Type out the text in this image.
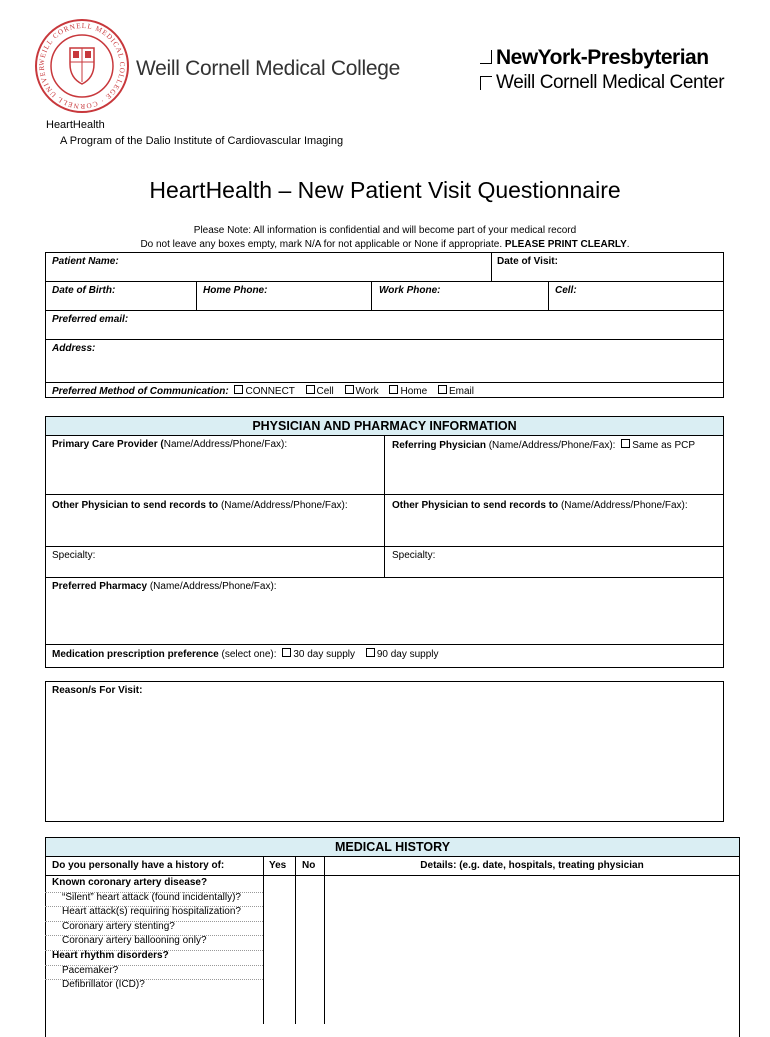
WEILL CORNELL MEDICAL COLLEGE · CORNELL UNIVER	Weill Cornell Medical College	NewYork-Presbyterian
Weill Cornell Medical Center
HeartHealth
A Program of the Dalio Institute of Cardiovascular Imaging
HeartHealth – New Patient Visit Questionnaire
Please Note: All information is confidential and will become part of your medical record
Do not leave any boxes empty, mark N/A for not applicable or None if appropriate. PLEASE PRINT CLEARLY.
Patient Name:	Date of Visit:
Date of Birth:	Home Phone:	Work Phone:	Cell:
Preferred email:
Address:
Preferred Method of Communication: CONNECT Cell Work Home Email
PHYSICIAN AND PHARMACY INFORMATION
Primary Care Provider (Name/Address/Phone/Fax):	Referring Physician (Name/Address/Phone/Fax): Same as PCP
Other Physician to send records to (Name/Address/Phone/Fax):	Other Physician to send records to (Name/Address/Phone/Fax):
Specialty:	Specialty:
Preferred Pharmacy (Name/Address/Phone/Fax):
Medication prescription preference (select one): 30 day supply 90 day supply
Reason/s For Visit:
MEDICAL HISTORY
Do you personally have a history of:	Yes No	Details: (e.g. date, hospitals, treating physician
Known coronary artery disease?
“Silent” heart attack (found incidentally)?
Heart attack(s) requiring hospitalization?
Coronary artery stenting?
Coronary artery ballooning only?
Heart rhythm disorders?
Pacemaker?
Defibrillator (ICD)?
